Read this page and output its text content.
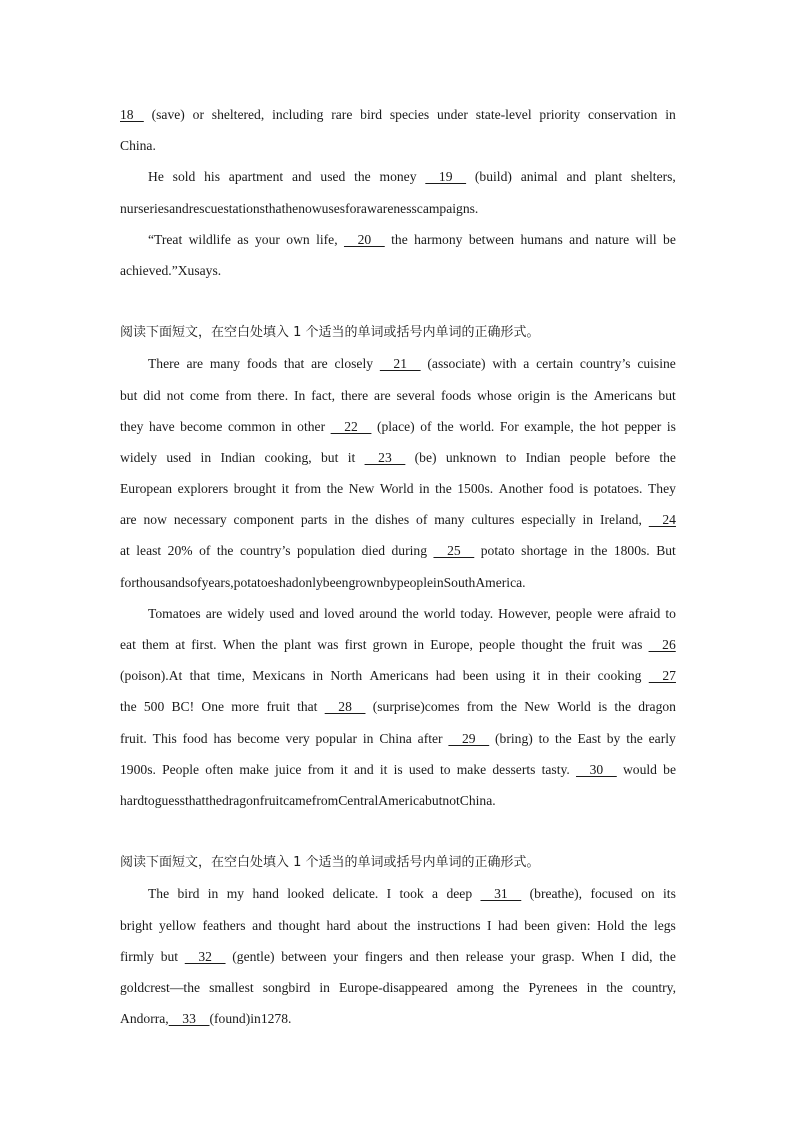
18 (save) or sheltered, including rare bird species under state-level priority conservation in
China.
He sold his apartment and used the money 19 (build) animal and plant shelters,
nurseries and rescue stations that he now uses for awareness campaigns.
“Treat wildlife as your own life, 20 the harmony between humans and nature will be
achieved.” Xu says.
阅读下面短文，在空白处填入 1 个适当的单词或括号内单词的正确形式。
There are many foods that are closely 21 (associate) with a certain country’s cuisine
but did not come from there. In fact, there are several foods whose origin is the Americans but
they have become common in other 22 (place) of the world. For example, the hot pepper is
widely used in Indian cooking, but it 23 (be) unknown to Indian people before the
European explorers brought it from the New World in the 1500s. Another food is potatoes. They
are now necessary component parts in the dishes of many cultures especially in Ireland, 24
at least 20% of the country’s population died during 25 potato shortage in the 1800s. But
for thousands of years, potatoes had only been grown by people in South America.
Tomatoes are widely used and loved around the world today. However, people were afraid to
eat them at first. When the plant was first grown in Europe, people thought the fruit was 26
(poison).At that time, Mexicans in North Americans had been using it in their cooking 27
the 500 BC! One more fruit that 28 (surprise)comes from the New World is the dragon
fruit. This food has become very popular in China after 29 (bring) to the East by the early
1900s. People often make juice from it and it is used to make desserts tasty. 30 would be
hard to guess that the dragon fruit came from Central America but not China.
阅读下面短文，在空白处填入 1 个适当的单词或括号内单词的正确形式。
The bird in my hand looked delicate. I took a deep 31 (breathe), focused on its
bright yellow feathers and thought hard about the instructions I had been given: Hold the legs
firmly but 32 (gentle) between your fingers and then release your grasp. When I did, the
goldcrest—the smallest songbird in Europe-disappeared among the Pyrenees in the country,
Andorra, 33 (found)in 1278.
